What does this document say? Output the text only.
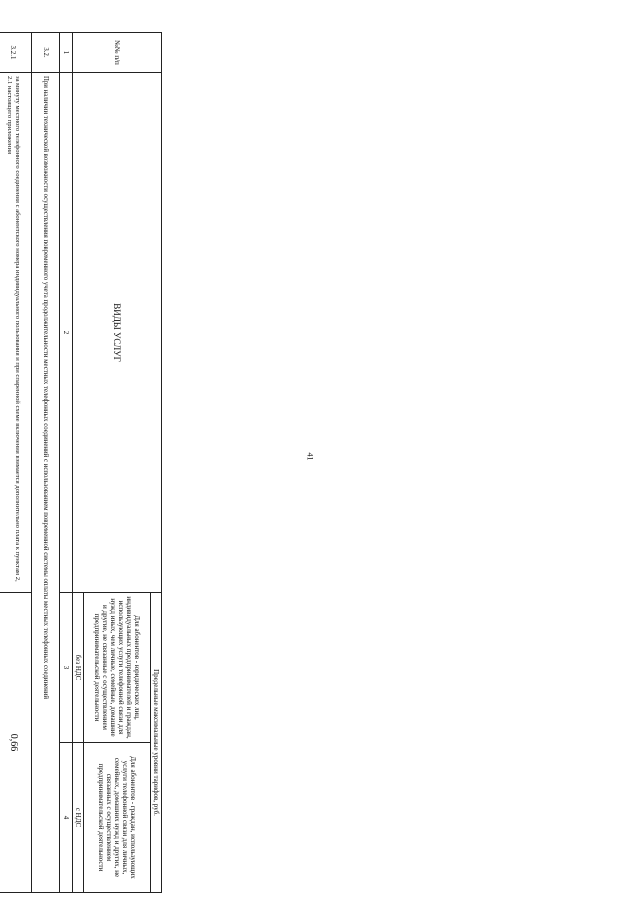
41
№№ п/п	ВИДЫ УСЛУГ	Предельные максимальные уровни тарифов, руб.	
		Для абонентов - юридических лиц, индивидуальных предпринимателей и граждан, использующих услуги телефонной связи для нужд иных, чем личные, семейные, домашние и другие, не связанные с осуществлением предпринимательской деятельности	Для абонентов - граждан, использующих услуги телефонной связи для личных, семейных, домашних нужд и других, не связанных с осуществлением предпринимательской деятельности
		без НДС	с НДС
1	2	3	4
3.2.	При наличии технической возможности осуществления повременного учета продолжительности местных телефонных соединений с использованием повременной системы оплаты местных телефонных соединений		
3.2.1	за минуту местного телефонного соединения с абонентского номера индивидуального пользования и при спаренной схеме включения взимается дополнительно плата к пунктам 2, 2.1 настоящего приложения	0,66	
